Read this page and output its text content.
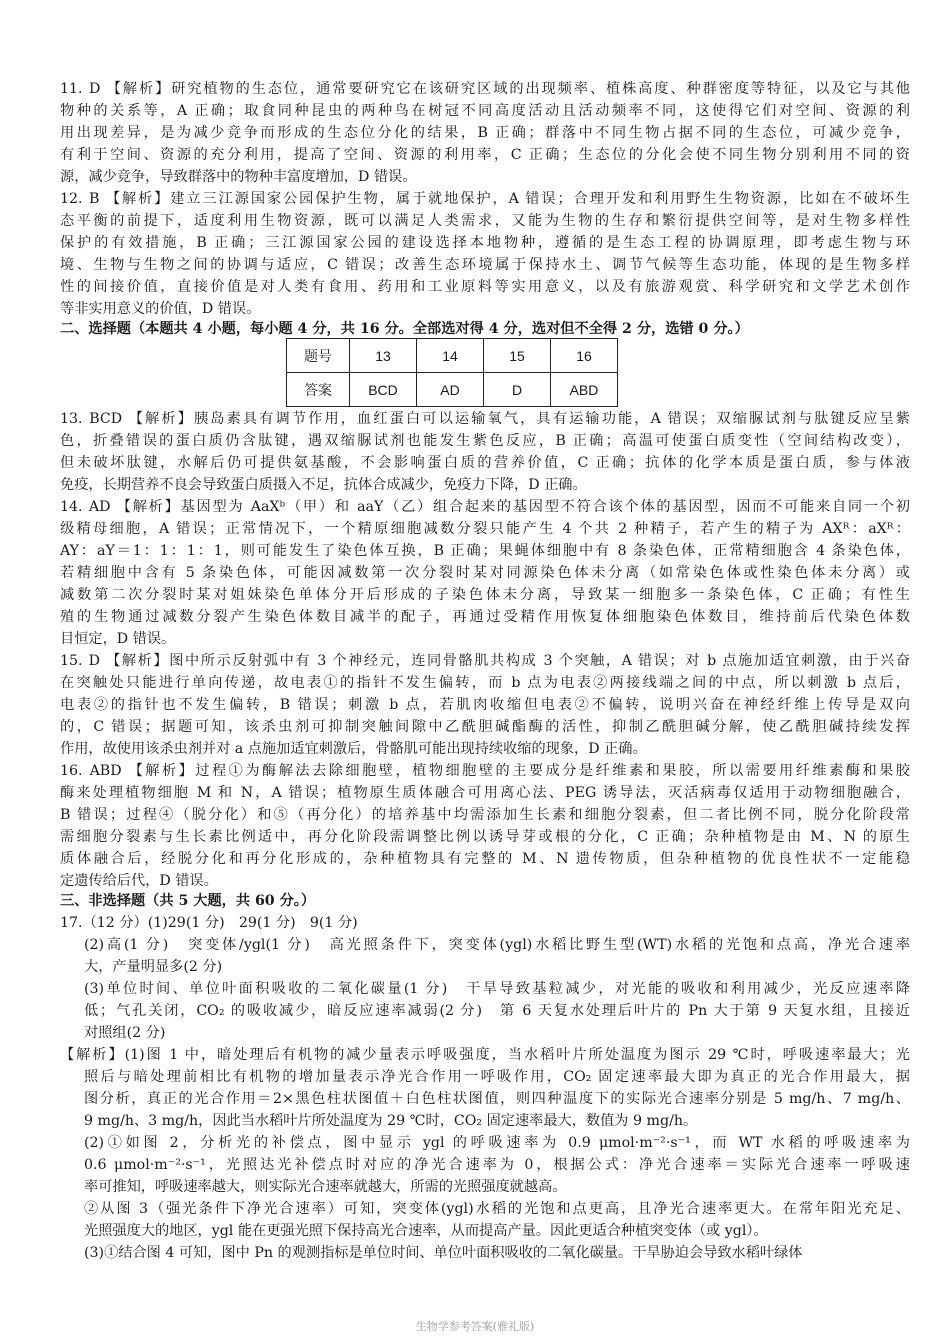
11. D 【解析】研究植物的生态位，通常要研究它在该研究区域的出现频率、植株高度、种群密度等特征，以及它与其他
物种的关系等，A 正确；取食同种昆虫的两种鸟在树冠不同高度活动且活动频率不同，这使得它们对空间、资源的利
用出现差异，是为减少竞争而形成的生态位分化的结果，B 正确；群落中不同生物占据不同的生态位，可减少竞争，
有利于空间、资源的充分利用，提高了空间、资源的利用率，C 正确；生态位的分化会使不同生物分别利用不同的资
源，减少竞争，导致群落中的物种丰富度增加，D 错误。
12. B 【解析】建立三江源国家公园保护生物，属于就地保护，A 错误；合理开发和利用野生生物资源，比如在不破坏生
态平衡的前提下，适度利用生物资源，既可以满足人类需求，又能为生物的生存和繁衍提供空间等，是对生物多样性
保护的有效措施，B 正确；三江源国家公园的建设选择本地物种，遵循的是生态工程的协调原理，即考虑生物与环
境、生物与生物之间的协调与适应，C 错误；改善生态环境属于保持水土、调节气候等生态功能，体现的是生物多样
性的间接价值，直接价值是对人类有食用、药用和工业原料等实用意义，以及有旅游观赏、科学研究和文学艺术创作
等非实用意义的价值，D 错误。
二、选择题（本题共 4 小题，每小题 4 分，共 16 分。全部选对得 4 分，选对但不全得 2 分，选错 0 分。）
13. BCD 【解析】胰岛素具有调节作用，血红蛋白可以运输氧气，具有运输功能，A 错误；双缩脲试剂与肽键反应呈紫
色，折叠错误的蛋白质仍含肽键，遇双缩脲试剂也能发生紫色反应，B 正确；高温可使蛋白质变性（空间结构改变），
但未破坏肽键，水解后仍可提供氨基酸，不会影响蛋白质的营养价值，C 正确；抗体的化学本质是蛋白质，参与体液
免疫，长期营养不良会导致蛋白质摄入不足，抗体合成减少，免疫力下降，D 正确。
14. AD 【解析】基因型为 AaXᵇ（甲）和 aaY（乙）组合起来的基因型不符合该个体的基因型，因而不可能来自同一个初
级精母细胞，A 错误；正常情况下，一个精原细胞减数分裂只能产生 4 个共 2 种精子，若产生的精子为 AXᴿ：aXᴿ：
AY：aY＝1：1：1：1，则可能发生了染色体互换，B 正确；果蝇体细胞中有 8 条染色体，正常精细胞含 4 条染色体，
若精细胞中含有 5 条染色体，可能因减数第一次分裂时某对同源染色体未分离（如常染色体或性染色体未分离）或
减数第二次分裂时某对姐妹染色单体分开后形成的子染色体未分离，导致某一细胞多一条染色体，C 正确；有性生
殖的生物通过减数分裂产生染色体数目减半的配子，再通过受精作用恢复体细胞染色体数目，维持前后代染色体数
目恒定，D 错误。
15. D 【解析】图中所示反射弧中有 3 个神经元，连同骨骼肌共构成 3 个突触，A 错误；对 b 点施加适宜刺激，由于兴奋
在突触处只能进行单向传递，故电表①的指针不发生偏转，而 b 点为电表②两接线端之间的中点，所以刺激 b 点后，
电表②的指针也不发生偏转，B 错误；刺激 b 点，若肌肉收缩但电表②不偏转，说明兴奋在神经纤维上传导是双向
的，C 错误；据题可知，该杀虫剂可抑制突触间隙中乙酰胆碱酯酶的活性，抑制乙酰胆碱分解，使乙酰胆碱持续发挥
作用，故使用该杀虫剂并对 a 点施加适宜刺激后，骨骼肌可能出现持续收缩的现象，D 正确。
16. ABD 【解析】过程①为酶解法去除细胞壁，植物细胞壁的主要成分是纤维素和果胶，所以需要用纤维素酶和果胶
酶来处理植物细胞 M 和 N，A 错误；植物原生质体融合可用离心法、PEG 诱导法，灭活病毒仅适用于动物细胞融合，
B 错误；过程④（脱分化）和⑤（再分化）的培养基中均需添加生长素和细胞分裂素，但二者比例不同，脱分化阶段常
需细胞分裂素与生长素比例适中，再分化阶段需调整比例以诱导芽或根的分化，C 正确；杂种植物是由 M、N 的原生
质体融合后，经脱分化和再分化形成的，杂种植物具有完整的 M、N 遗传物质，但杂种植物的优良性状不一定能稳
定遗传给后代，D 错误。
三、非选择题（共 5 大题，共 60 分。）
17.（12 分）(1)29(1 分)　29(1 分)　9(1 分)
(2)高(1 分)　突变体/ygl(1 分)　高光照条件下，突变体(ygl)水稻比野生型(WT)水稻的光饱和点高，净光合速率
大，产量明显多(2 分)
(3)单位时间、单位叶面积吸收的二氧化碳量(1 分)　干旱导致基粒减少，对光能的吸收和利用减少，光反应速率降
低；气孔关闭，CO₂ 的吸收减少，暗反应速率减弱(2 分)　第 6 天复水处理后叶片的 Pn 大于第 9 天复水组，且接近
对照组(2 分)
【解析】(1)图 1 中，暗处理后有机物的减少量表示呼吸强度，当水稻叶片所处温度为图示 29 ℃时，呼吸速率最大；光
照后与暗处理前相比有机物的增加量表示净光合作用一呼吸作用，CO₂ 固定速率最大即为真正的光合作用最大，据
图分析，真正的光合作用＝2×黑色柱状图值＋白色柱状图值，则四种温度下的实际光合速率分别是 5 mg/h、7 mg/h、
9 mg/h、3 mg/h，因此当水稻叶片所处温度为 29 ℃时，CO₂ 固定速率最大，数值为 9 mg/h。
(2)①如图 2，分析光的补偿点，图中显示 ygl 的呼吸速率为 0.9 μmol·m⁻²·s⁻¹，而 WT 水稻的呼吸速率为
0.6 μmol·m⁻²·s⁻¹，光照达光补偿点时对应的净光合速率为 0，根据公式：净光合速率＝实际光合速率一呼吸速
率可推知，呼吸速率越大，则实际光合速率就越大，所需的光照强度就越高。
②从图 3（强光条件下净光合速率）可知，突变体(ygl)水稻的光饱和点更高，且净光合速率更大。在常年阳光充足、
光照强度大的地区，ygl 能在更强光照下保持高光合速率，从而提高产量。因此更适合种植突变体（或 ygl）。
(3)①结合图 4 可知，图中 Pn 的观测指标是单位时间、单位叶面积吸收的二氧化碳量。干旱胁迫会导致水稻叶绿体
题号	13	14	15	16
答案	BCD	AD	D	ABD
生物学参考答案(雅礼版)
